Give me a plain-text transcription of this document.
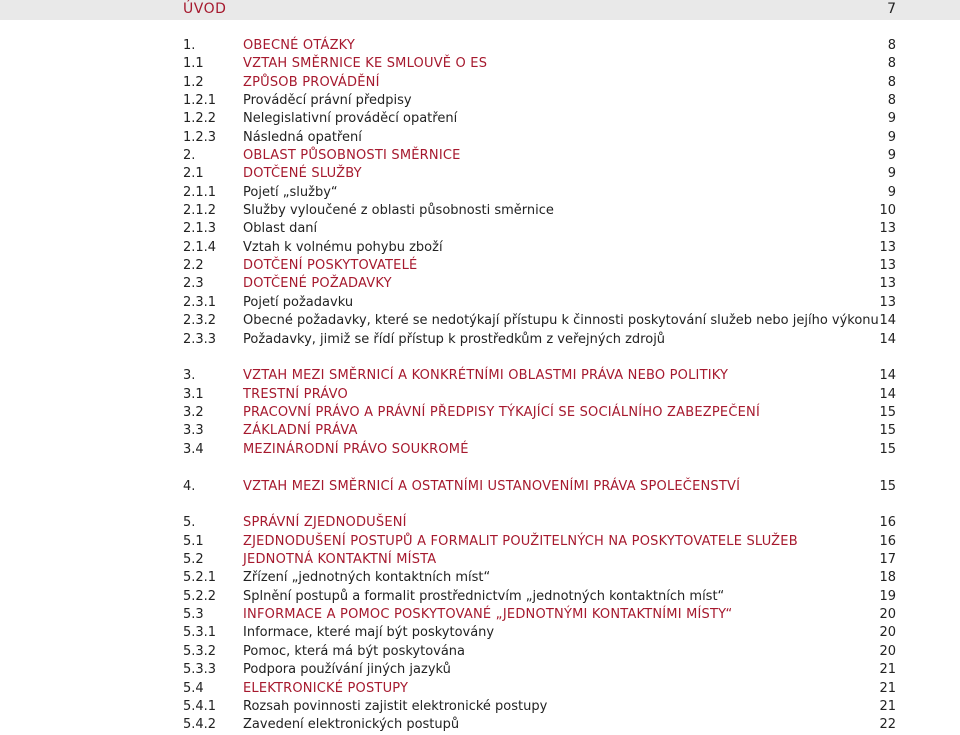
ÚVOD	7
1.	OBECNÉ OTÁZKY	8
1.1	VZTAH SMĚRNICE KE SMLOUVĚ O ES	8
1.2	ZPŮSOB PROVÁDĚNÍ	8
1.2.1 Prováděcí právní předpisy	8
1.2.2 Nelegislativní prováděcí opatření	9
1.2.3 Následná opatření	9
2.	OBLAST PŮSOBNOSTI SMĚRNICE	9
2.1	DOTČENÉ SLUŽBY	9
2.1.1 Pojetí „služby“	9
2.1.2 Služby vyloučené z oblasti působnosti směrnice	10
2.1.3 Oblast daní	13
2.1.4 Vztah k volnému pohybu zboží	13
2.2	DOTČENÍ POSKYTOVATELÉ	13
2.3	DOTČENÉ POŽADAVKY	13
2.3.1 Pojetí požadavku	13
2.3.2 Obecné požadavky, které se nedotýkají přístupu k činnosti poskytování služeb nebo jejího výkonu 14
2.3.3 Požadavky, jimiž se řídí přístup k prostředkům z veřejných zdrojů	14
3.	VZTAH MEZI SMĚRNICÍ A KONKRÉTNÍMI OBLASTMI PRÁVA NEBO POLITIKY	14
3.1	TRESTNÍ PRÁVO	14
3.2	PRACOVNÍ PRÁVO A PRÁVNÍ PŘEDPISY TÝKAJÍCÍ SE SOCIÁLNÍHO ZABEZPEČENÍ	15
3.3	ZÁKLADNÍ PRÁVA	15
3.4	MEZINÁRODNÍ PRÁVO SOUKROMÉ	15
4.	VZTAH MEZI SMĚRNICÍ A OSTATNÍMI USTANOVENÍMI PRÁVA SPOLEČENSTVÍ	15
5.	SPRÁVNÍ ZJEDNODUŠENÍ	16
5.1	ZJEDNODUŠENÍ POSTUPŮ A FORMALIT POUŽITELNÝCH NA POSKYTOVATELE SLUŽEB	16
5.2	JEDNOTNÁ KONTAKTNÍ MÍSTA	17
5.2.1 Zřízení „jednotných kontaktních míst“	18
5.2.2 Splnění postupů a formalit prostřednictvím „jednotných kontaktních míst“	19
5.3	INFORMACE A POMOC POSKYTOVANÉ „JEDNOTNÝMI KONTAKTNÍMI MÍSTY“	20
5.3.1 Informace, které mají být poskytovány	20
5.3.2 Pomoc, která má být poskytována	20
5.3.3 Podpora používání jiných jazyků	21
5.4	ELEKTRONICKÉ POSTUPY	21
5.4.1 Rozsah povinnosti zajistit elektronické postupy	21
5.4.2 Zavedení elektronických postupů	22
